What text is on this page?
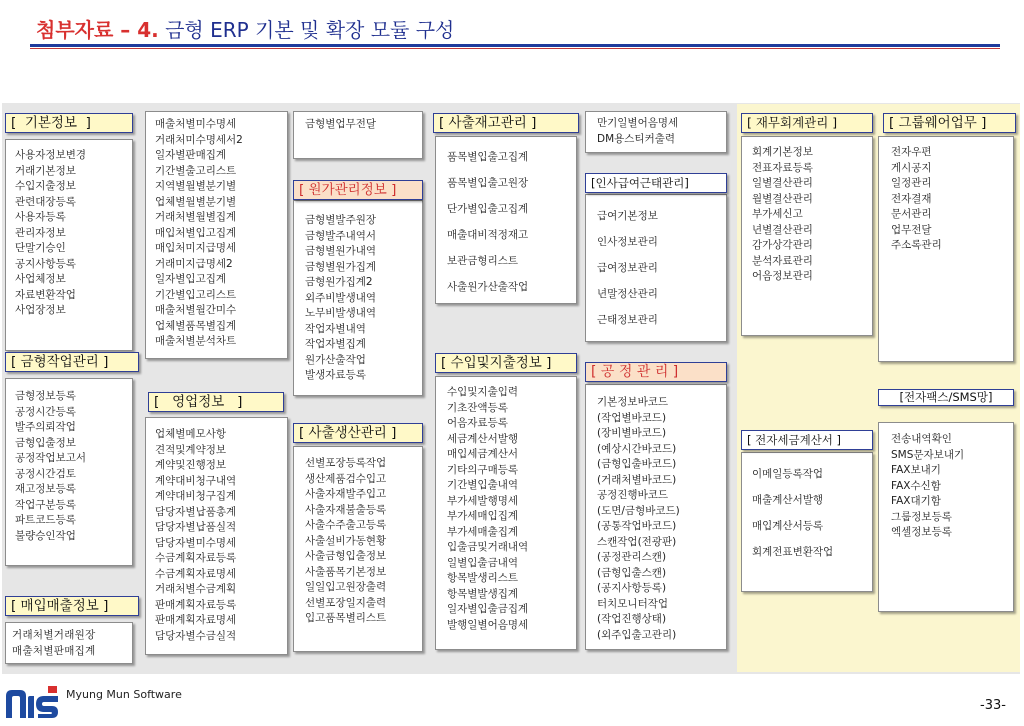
첨부자료 – 4. 금형 ERP 기본 및 확장 모듈 구성
사용자정보변경
거래기본정보
수입지출정보
관련대장등록
사용자등록
관리자정보
단말기승인
공지사항등록
사업체정보
자료변환작업
사업장정보
[  기본정보  ]
금형정보등록
공정시간등록
발주의뢰작업
금형입출정보
공정작업보고서
공정시간검토
재고정보등록
작업구분등록
파트코드등록
불량승인작업
[ 금형작업관리 ]
거래처별거래원장
매출처별판매집계
[ 매입매출정보 ]
매출처별미수명세
거래처미수명세서2
일자별판매집계
기간별출고리스트
지역별월별분기별
업체별월별분기별
거래처별월별집계
매입처별입고집계
매입처미지급명세
거래미지급명세2
일자별입고집계
기간별입고리스트
매출처별월간미수
업체별품목별집계
매출처별분석차트
업체별메모사항
견적및계약정보
계약및진행정보
계약대비청구내역
계약대비청구집계
담당자별납품총계
담당자별납품실적
담당자별미수명세
수금계획자료등록
수금계획자료명세
거래처별수금계획
판매계획자료등록
판매계획자료명세
담당자별수금실적
[   영업정보   ]
금형별업무전달
금형별발주원장
금형발주내역서
금형별원가내역
금형별원가집계
금형원가집계2
외주비발생내역
노무비발생내역
작업자별내역
작업자별집계
원가산출작업
발생자료등록
[ 원가관리정보 ]
선별포장등록작업
생산제품검수입고
사출자재발주입고
사출자재불출등록
사출수주출고등록
사출설비가동현황
사출금형입출정보
사출품목기본정보
일일입고원장출력
선별포장일지출력
입고품목별리스트
[ 사출생산관리 ]
품목별입출고집계
품목별입출고원장
단가별입출고집계
매출대비적정재고
보관금형리스트
사출원가산출작업
[ 사출재고관리 ]
수입및지출입력
기초잔액등록
어음자료등록
세금계산서발행
매입세금계산서
기타의구매등록
기간별입출내역
부가세발행명세
부가세매입집계
부가세매출집계
입출금및거래내역
일별입출금내역
항목발생리스트
항목별발생집계
일자별입출금집계
발행일별어음명세
[ 수입및지출정보 ]
만기일별어음명세
DM용스티커출력
급여기본정보
인사정보관리
급여정보관리
년말정산관리
근태정보관리
[인사급여근태관리]
기본정보바코드
(작업별바코드)
(장비별바코드)
(예상시간바코드)
(금형입출바코드)
(거래처별바코드)
공정진행바코드
(도면/금형바코드)
(공통작업바코드)
스캔작업(전광판)
(공정관리스캔)
(금형입출스캔)
(공지사항등록)
터치모니터작업
(작업진행상태)
(외주입출고관리)
[ 공 정 관 리 ]
회계기본정보
전표자료등록
일별결산관리
월별결산관리
부가세신고
년별결산관리
감가상각관리
분석자료관리
어음정보관리
[ 재무회계관리 ]
이메일등록작업
매출계산서발행
매입계산서등록
회계전표변환작업
[ 전자세금계산서 ]
전자우편
게시공지
일정관리
전자결재
문서관리
업무전달
주소록관리
[ 그룹웨어업무 ]
전송내역확인
SMS문자보내기
FAX보내기
FAX수신함
FAX대기함
그룹정보등록
엑셀정보등록
[전자팩스/SMS망]
Myung Mun Software
-33-
